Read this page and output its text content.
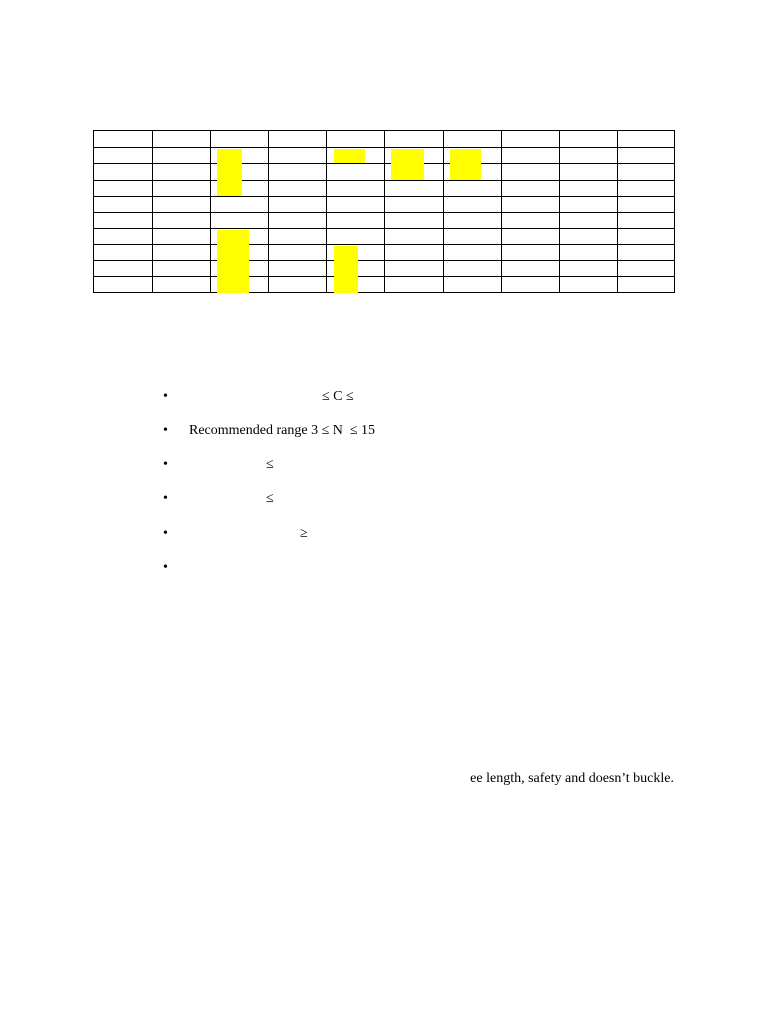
•	≤ C ≤
• Recommended range 3 ≤ N  ≤ 15
•	≤
•	≤
•	≥
•
ee length, safety and doesn’t buckle.
